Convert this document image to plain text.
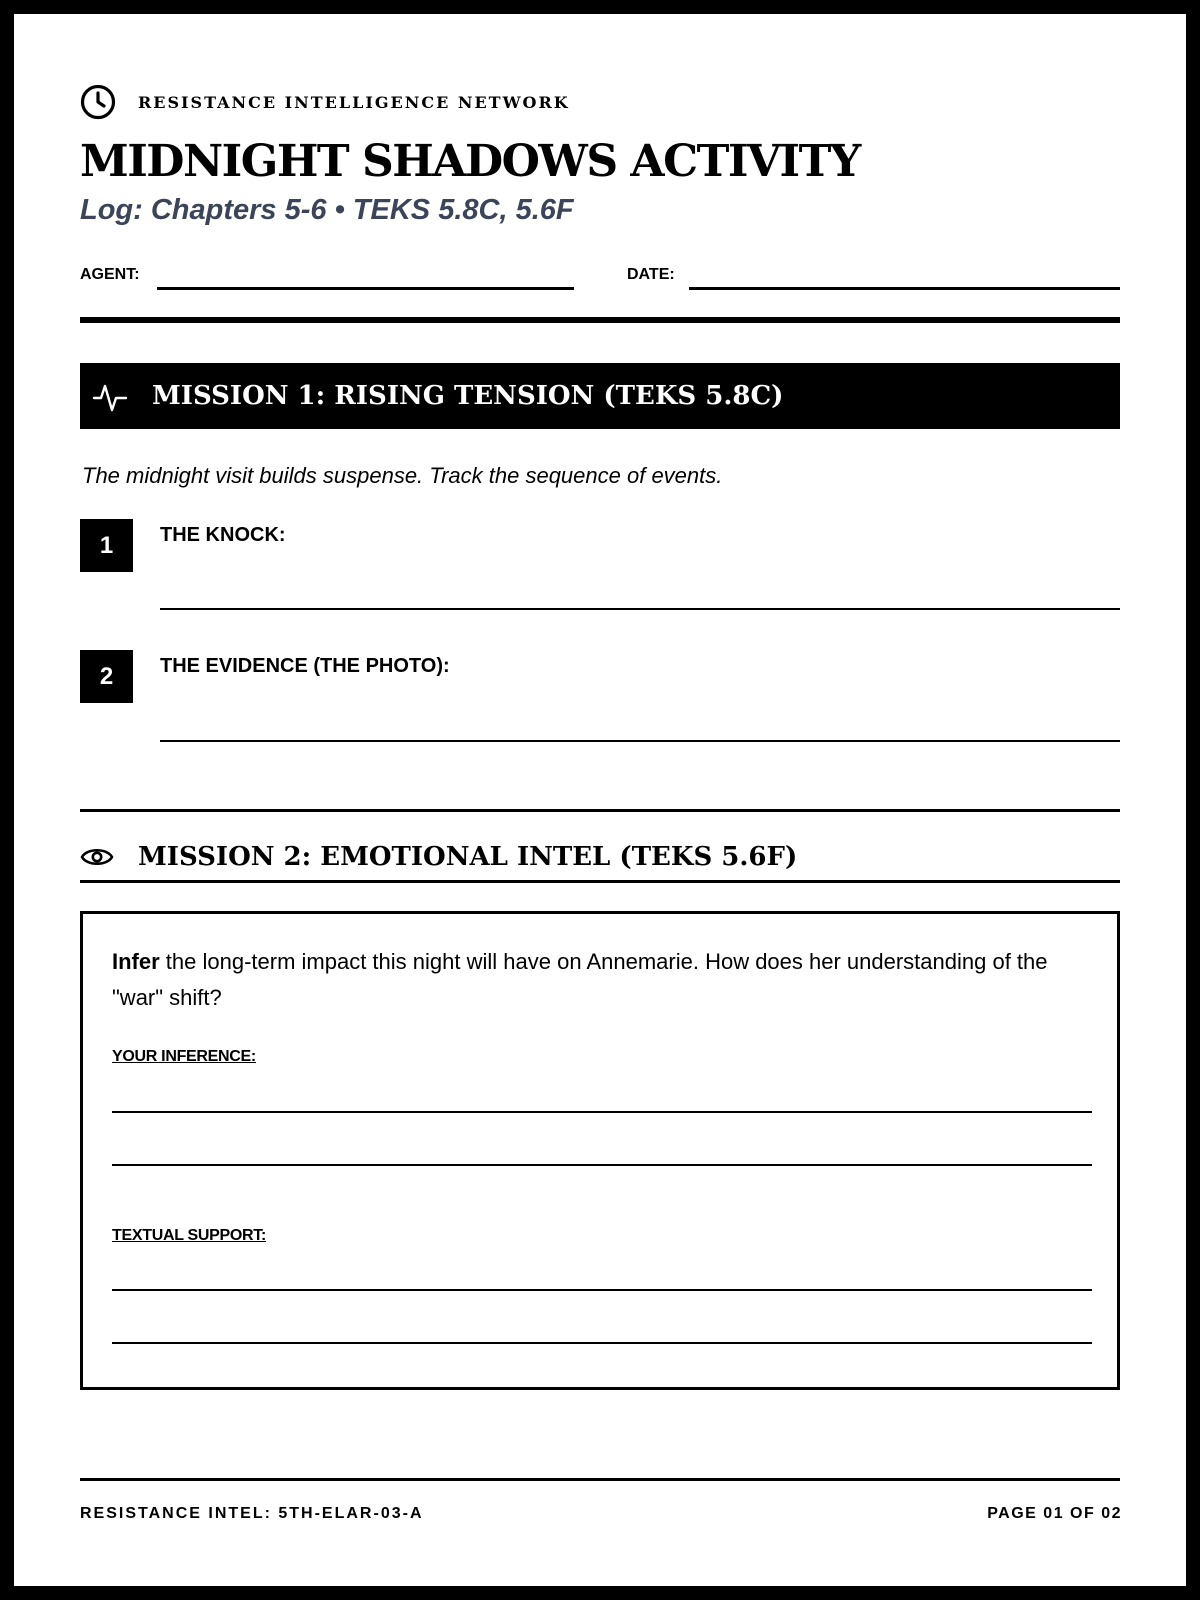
RESISTANCE INTELLIGENCE NETWORK
MIDNIGHT SHADOWS ACTIVITY
Log: Chapters 5-6 • TEKS 5.8C, 5.6F
AGENT:	DATE:
MISSION 1: RISING TENSION (TEKS 5.8C)
The midnight visit builds suspense. Track the sequence of events.
1	THE KNOCK:
2	THE EVIDENCE (THE PHOTO):
MISSION 2: EMOTIONAL INTEL (TEKS 5.6F)

Infer the long-term impact this night will have on Annemarie. How does her understanding of the "war" shift?

YOUR INFERENCE:
TEXTUAL SUPPORT:
RESISTANCE INTEL: 5TH-ELAR-03-A	PAGE 01 OF 02
